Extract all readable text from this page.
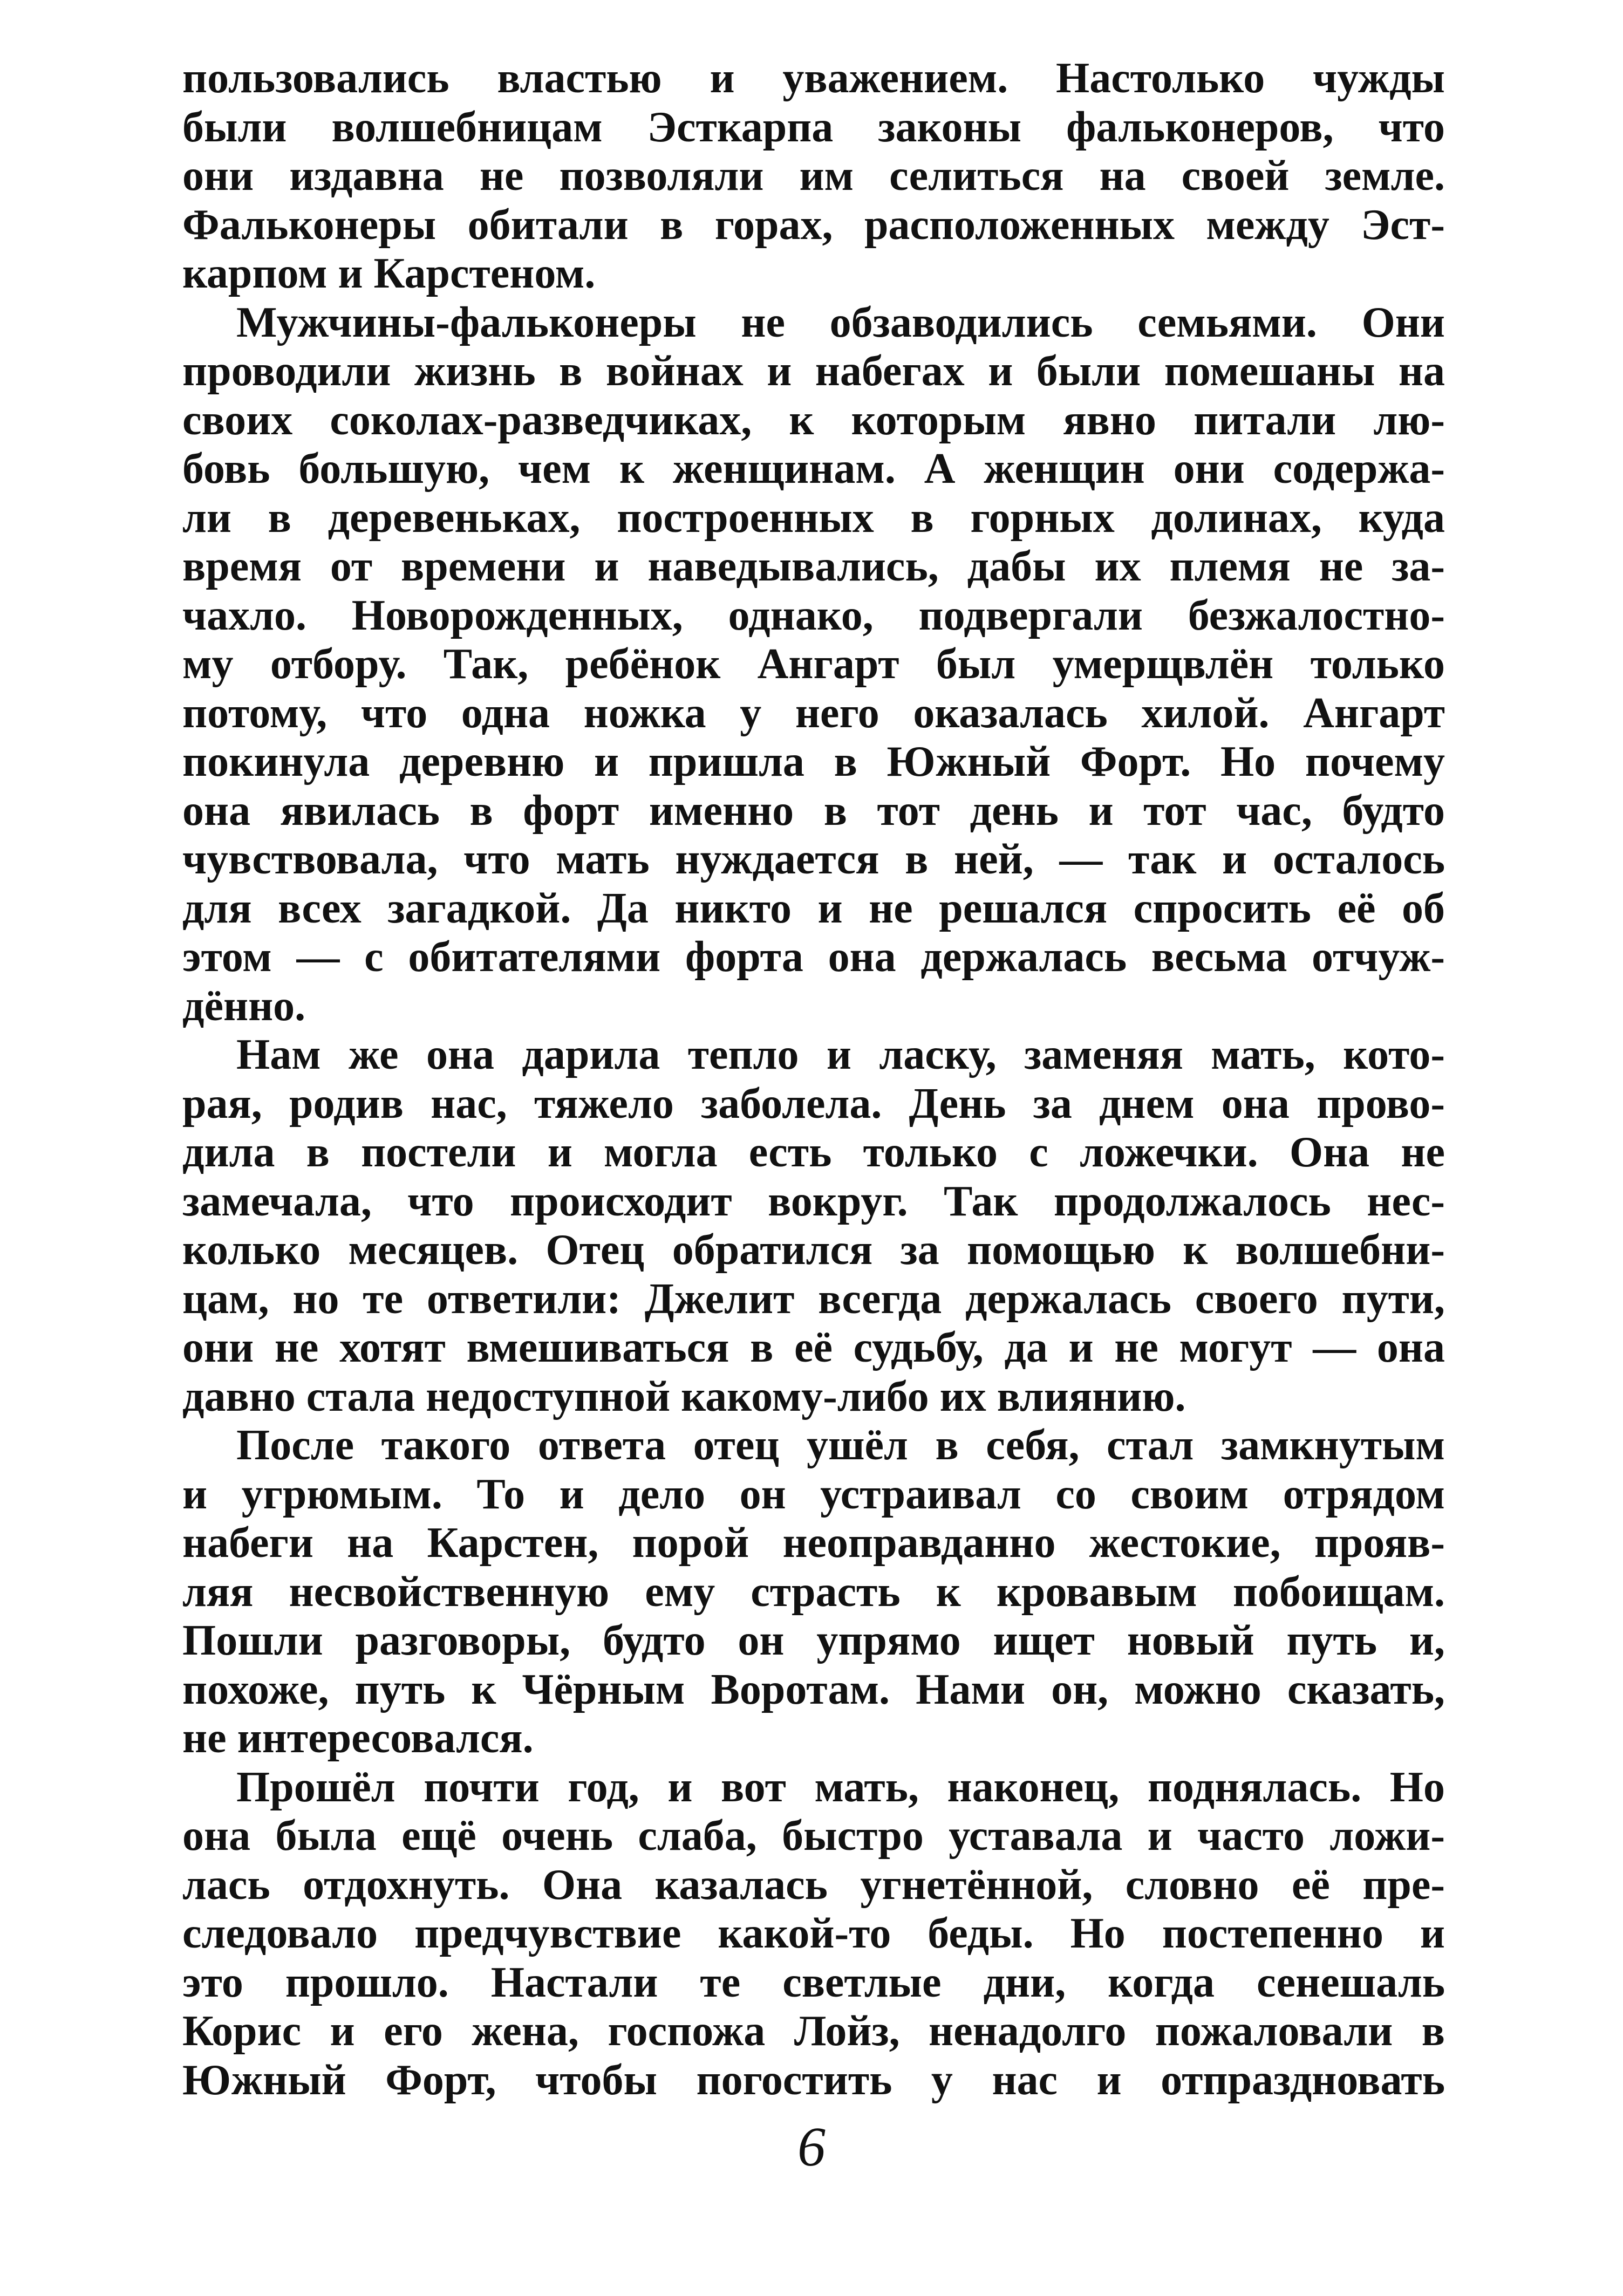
пользовались властью и уважением. Настолько чужды
были волшебницам Эсткарпа законы фальконеров, что
они издавна не позволяли им селиться на своей земле.
Фальконеры обитали в горах, расположенных между Эст-
карпом и Карстеном.
Мужчины-фальконеры не обзаводились семьями. Они
проводили жизнь в войнах и набегах и были помешаны на
своих соколах-разведчиках, к которым явно питали лю-
бовь большую, чем к женщинам. А женщин они содержа-
ли в деревеньках, построенных в горных долинах, куда
время от времени и наведывались, дабы их племя не за-
чахло. Новорожденных, однако, подвергали безжалостно-
му отбору. Так, ребёнок Ангарт был умерщвлён только
потому, что одна ножка у него оказалась хилой. Ангарт
покинула деревню и пришла в Южный Форт. Но почему
она явилась в форт именно в тот день и тот час, будто
чувствовала, что мать нуждается в ней, — так и осталось
для всех загадкой. Да никто и не решался спросить её об
этом — с обитателями форта она держалась весьма отчуж-
дённо.
Нам же она дарила тепло и ласку, заменяя мать, кото-
рая, родив нас, тяжело заболела. День за днем она прово-
дила в постели и могла есть только с ложечки. Она не
замечала, что происходит вокруг. Так продолжалось нес-
колько месяцев. Отец обратился за помощью к волшебни-
цам, но те ответили: Джелит всегда держалась своего пути,
они не хотят вмешиваться в её судьбу, да и не могут — она
давно стала недоступной какому-либо их влиянию.
После такого ответа отец ушёл в себя, стал замкнутым
и угрюмым. То и дело он устраивал со своим отрядом
набеги на Карстен, порой неоправданно жестокие, прояв-
ляя несвойственную ему страсть к кровавым побоищам.
Пошли разговоры, будто он упрямо ищет новый путь и,
похоже, путь к Чёрным Воротам. Нами он, можно сказать,
не интересовался.
Прошёл почти год, и вот мать, наконец, поднялась. Но
она была ещё очень слаба, быстро уставала и часто ложи-
лась отдохнуть. Она казалась угнетённой, словно её пре-
следовало предчувствие какой-то беды. Но постепенно и
это прошло. Настали те светлые дни, когда сенешаль
Корис и его жена, госпожа Лойз, ненадолго пожаловали в
Южный Форт, чтобы погостить у нас и отпраздновать
6
